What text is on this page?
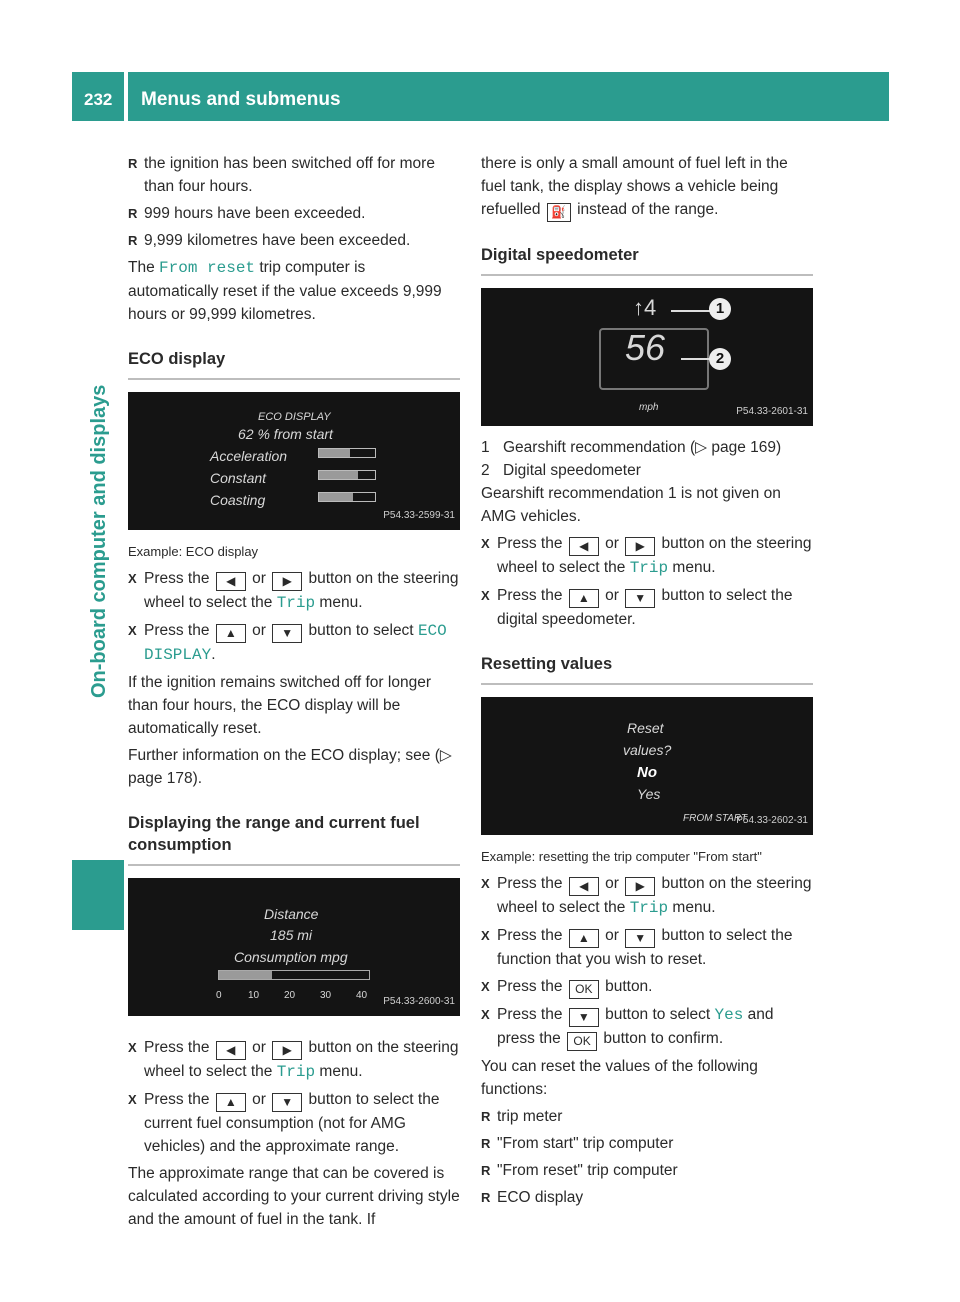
232 Menus and submenus
On-board computer and displays

R the ignition has been switched off for more than four hours.

R 999 hours have been exceeded.

R 9,999 kilometres have been exceeded.

The From reset trip computer is automatically reset if the value exceeds 9,999 hours or 99,999 kilometres.

ECO display
ECO DISPLAY
62 % from start
Acceleration
Constant
Coasting
P54.33-2599-31

Example: ECO display

X Press the ◀ or ▶ button on the steering wheel to select the Trip menu.

X Press the ▲ or ▼ button to select ECO DISPLAY.

If the ignition remains switched off for longer than four hours, the ECO display will be automatically reset.

Further information on the ECO display; see (▷ page 178).

Displaying the range and current fuel consumption
Distance
185 mi
Consumption mpg
0	10 20 30 40
P54.33-2600-31

X Press the ◀ or ▶ button on the steering wheel to select the Trip menu.

X Press the ▲ or ▼ button to select the current fuel consumption (not for AMG vehicles) and the approximate range.

The approximate range that can be covered is calculated according to your current driving style and the amount of fuel in the tank. If

there is only a small amount of fuel left in the fuel tank, the display shows a vehicle being refuelled ⛽ instead of the range.

Digital speedometer
↑4
56
mph
1
2
P54.33-2601-31

1 Gearshift recommendation (▷ page 169)

2 Digital speedometer

Gearshift recommendation 1 is not given on AMG vehicles.

X Press the ◀ or ▶ button on the steering wheel to select the Trip menu.

X Press the ▲ or ▼ button to select the digital speedometer.

Resetting values
Reset
values?
No
Yes
FROM START
P54.33-2602-31

Example: resetting the trip computer "From start"

X Press the ◀ or ▶ button on the steering wheel to select the Trip menu.

X Press the ▲ or ▼ button to select the function that you wish to reset.

X Press the OK button.

X Press the ▼ button to select Yes and press the OK button to confirm.

You can reset the values of the following functions:

R trip meter

R "From start" trip computer

R "From reset" trip computer

R ECO display
